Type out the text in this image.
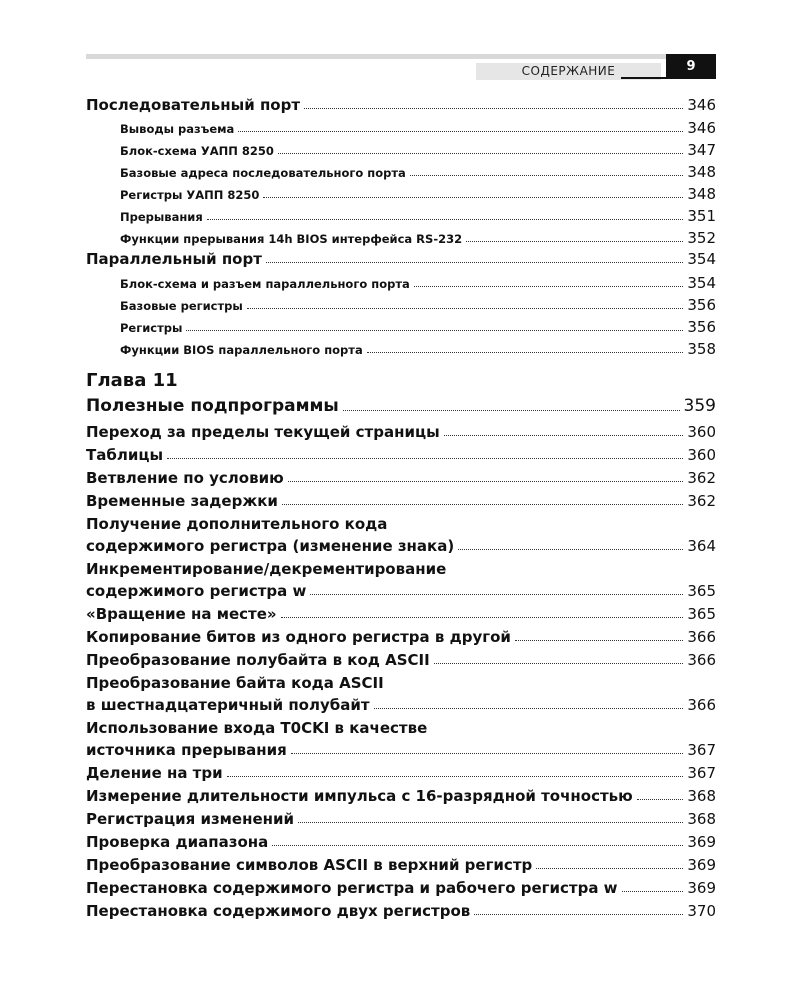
СОДЕРЖАНИЕ	9
Последовательный порт	346
Выводы разъема	346
Блок-схема УАПП 8250	347
Базовые адреса последовательного порта	348
Регистры УАПП 8250	348
Прерывания	351
Функции прерывания 14h BIOS интерфейса RS-232	352
Параллельный порт	354
Блок-схема и разъем параллельного порта	354
Базовые регистры	356
Регистры	356
Функции BIOS параллельного порта	358
Глава 11
Полезные подпрограммы	359
Переход за пределы текущей страницы	360
Таблицы	360
Ветвление по условию	362
Временные задержки	362
Получение дополнительного кода
содержимого регистра (изменение знака)	364
Инкрементирование/декрементирование
содержимого регистра w	365
«Вращение на месте»	365
Копирование битов из одного регистра в другой	366
Преобразование полубайта в код ASCII	366
Преобразование байта кода ASCII
в шестнадцатеричный полубайт	366
Использование входа T0CKI в качестве
источника прерывания	367
Деление на три	367
Измерение длительности импульса с 16-разрядной точностью	368
Регистрация изменений	368
Проверка диапазона	369
Преобразование символов ASCII в верхний регистр	369
Перестановка содержимого регистра и рабочего регистра w	369
Перестановка содержимого двух регистров	370
